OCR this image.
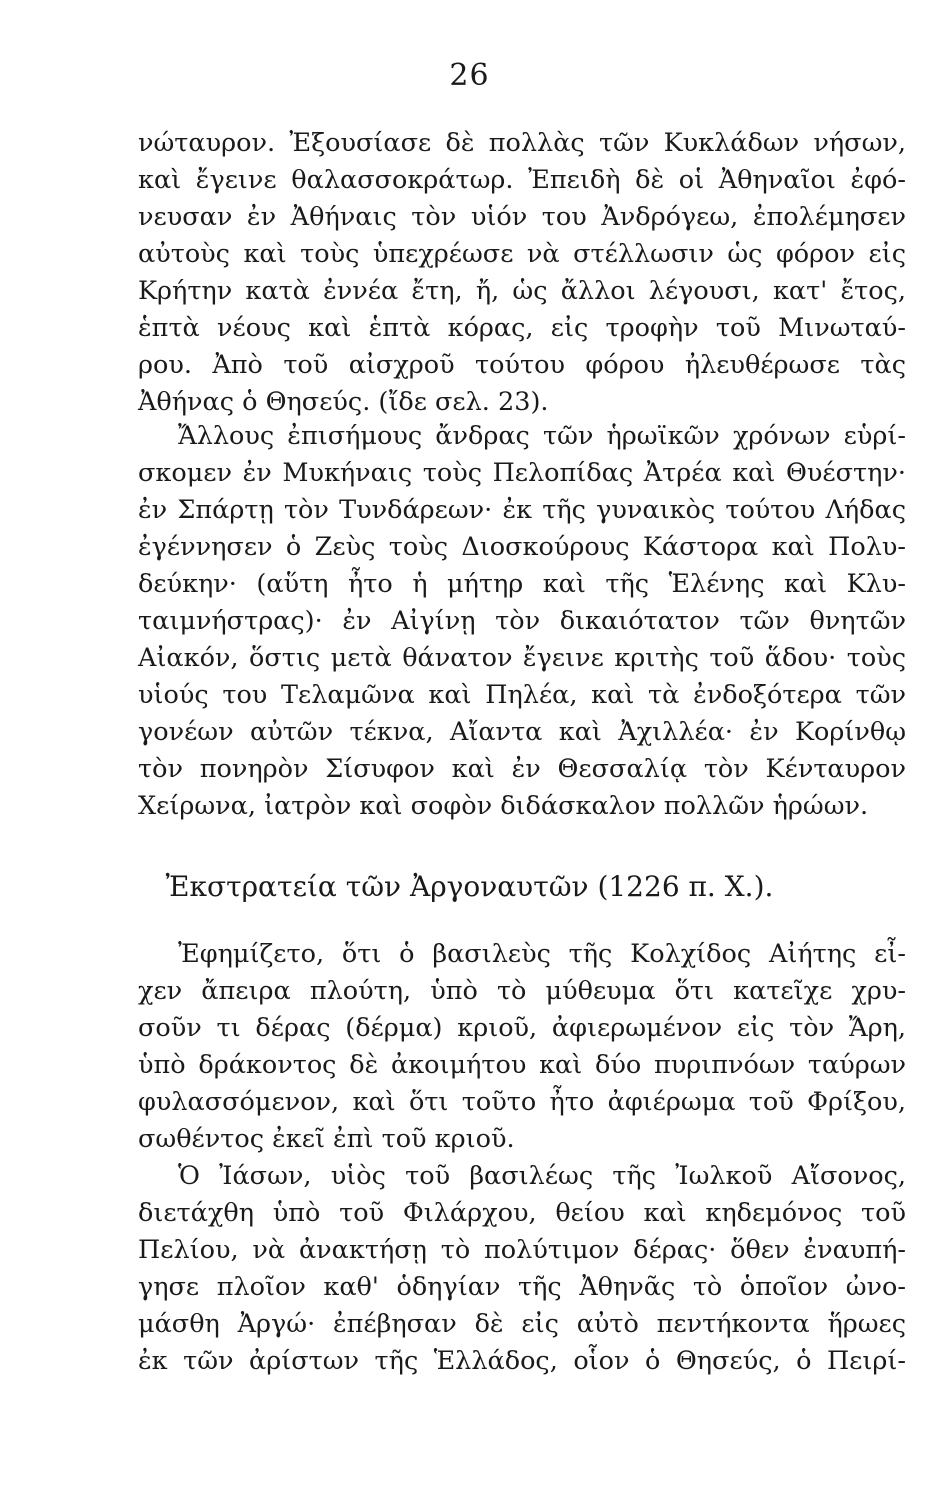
26
νώταυρον. Ἐξουσίασε δὲ πολλὰς τῶν Κυκλάδων νήσων,
καὶ ἔγεινε θαλασσοκράτωρ. Ἐπειδὴ δὲ οἱ Ἀθηναῖοι ἐφό-
νευσαν ἐν Ἀθήναις τὸν υἱόν του Ἀνδρόγεω, ἐπολέμησεν
αὐτοὺς καὶ τοὺς ὑπεχρέωσε νὰ στέλλωσιν ὡς φόρον εἰς
Κρήτην κατὰ ἐννέα ἔτη, ἤ, ὡς ἄλλοι λέγουσι, κατ' ἔτος,
ἑπτὰ νέους καὶ ἑπτὰ κόρας, εἰς τροφὴν τοῦ Μινωταύ-
ρου. Ἀπὸ τοῦ αἰσχροῦ τούτου φόρου ἠλευθέρωσε τὰς
Ἀθήνας ὁ Θησεύς. (ἴδε σελ. 23).
Ἄλλους ἐπισήμους ἄνδρας τῶν ἡρωϊκῶν χρόνων εὑρί-
σκομεν ἐν Μυκήναις τοὺς Πελοπίδας Ἀτρέα καὶ Θυέστην·
ἐν Σπάρτῃ τὸν Τυνδάρεων· ἐκ τῆς γυναικὸς τούτου Λήδας
ἐγέννησεν ὁ Ζεὺς τοὺς Διοσκούρους Κάστορα καὶ Πολυ-
δεύκην· (αὕτη ἦτο ἡ μήτηρ καὶ τῆς Ἑλένης καὶ Κλυ-
ταιμνήστρας)· ἐν Αἰγίνῃ τὸν δικαιότατον τῶν θνητῶν
Αἰακόν, ὅστις μετὰ θάνατον ἔγεινε κριτὴς τοῦ ἅδου· τοὺς
υἱούς του Τελαμῶνα καὶ Πηλέα, καὶ τὰ ἐνδοξότερα τῶν
γονέων αὐτῶν τέκνα, Αἴαντα καὶ Ἀχιλλέα· ἐν Κορίνθῳ
τὸν πονηρὸν Σίσυφον καὶ ἐν Θεσσαλίᾳ τὸν Κένταυρον
Χείρωνα, ἰατρὸν καὶ σοφὸν διδάσκαλον πολλῶν ἡρώων.
Ἐκστρατεία τῶν Ἀργοναυτῶν (1226 π. Χ.).
Ἐφημίζετο, ὅτι ὁ βασιλεὺς τῆς Κολχίδος Αἰήτης εἶ-
χεν ἄπειρα πλούτη, ὑπὸ τὸ μύθευμα ὅτι κατεῖχε χρυ-
σοῦν τι δέρας (δέρμα) κριοῦ, ἀφιερωμένον εἰς τὸν Ἄρη,
ὑπὸ δράκοντος δὲ ἀκοιμήτου καὶ δύο πυριπνόων ταύρων
φυλασσόμενον, καὶ ὅτι τοῦτο ἦτο ἀφιέρωμα τοῦ Φρίξου,
σωθέντος ἐκεῖ ἐπὶ τοῦ κριοῦ.
Ὁ Ἰάσων, υἱὸς τοῦ βασιλέως τῆς Ἰωλκοῦ Αἴσονος,
διετάχθη ὑπὸ τοῦ Φιλάρχου, θείου καὶ κηδεμόνος τοῦ
Πελίου, νὰ ἀνακτήσῃ τὸ πολύτιμον δέρας· ὅθεν ἐναυπή-
γησε πλοῖον καθ' ὁδηγίαν τῆς Ἀθηνᾶς τὸ ὁποῖον ὠνο-
μάσθη Ἀργώ· ἐπέβησαν δὲ εἰς αὐτὸ πεντήκοντα ἥρωες
ἐκ τῶν ἀρίστων τῆς Ἑλλάδος, οἷον ὁ Θησεύς, ὁ Πειρί-
